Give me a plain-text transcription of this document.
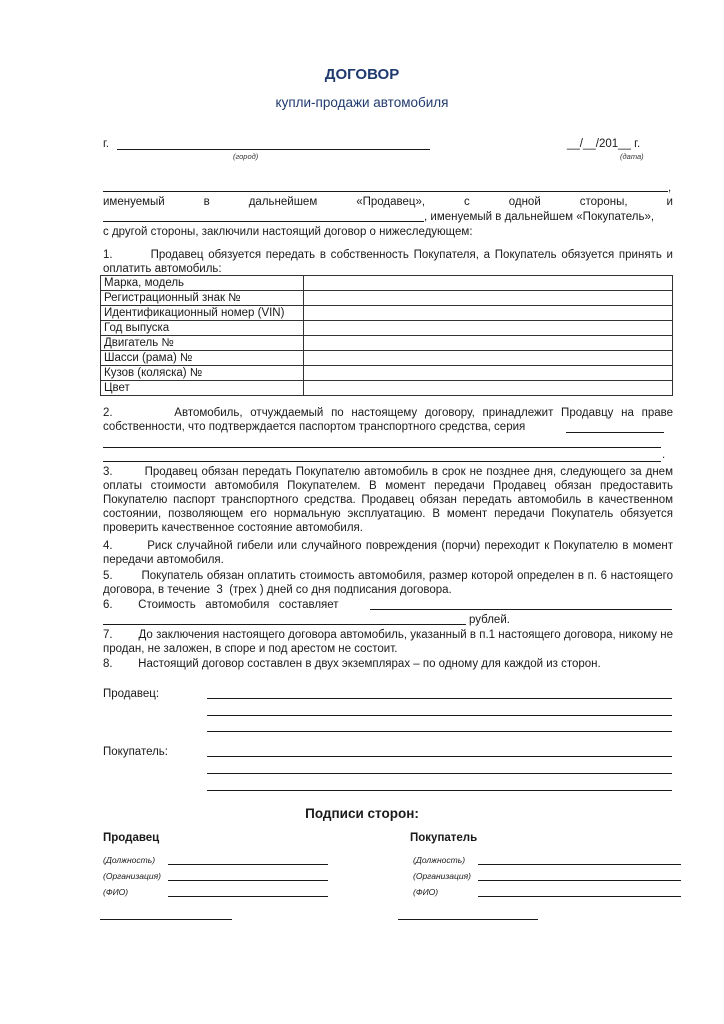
ДОГОВОР
купли-продажи автомобиля
г.
(город)
__/__/201__ г.
(дата)
,
именуемый	в	дальнейшем	«Продавец»,	с	одной	стороны,	и
, именуемый в дальнейшем «Покупатель»,
с другой стороны, заключили настоящий договор о нижеследующем:
1.        Продавец обязуется передать в собственность Покупателя, а Покупатель обязуется принять и оплатить автомобиль:
Марка, модель	
Регистрационный знак №	
Идентификационный номер (VIN)	
Год выпуска	
Двигатель №	
Шасси (рама) №	
Кузов (коляска) №	
Цвет	
2.        Автомобиль, отчуждаемый по настоящему договору, принадлежит Продавцу на праве собственности, что подтверждается паспортом транспортного средства, серия
.
3.        Продавец обязан передать Покупателю автомобиль в срок не позднее дня, следующего за днем оплаты стоимости автомобиля Покупателем. В момент передачи Продавец обязан предоставить Покупателю паспорт транспортного средства. Продавец обязан передать автомобиль в качественном состоянии, позволяющем его нормальную эксплуатацию. В момент передачи Покупатель обязуется проверить качественное состояние автомобиля.
4.        Риск случайной гибели или случайного повреждения (порчи) переходит к Покупателю в момент передачи автомобиля.
5.        Покупатель обязан оплатить стоимость автомобиля, размер которой определен в п. 6 настоящего договора, в течение  3  (трех ) дней со дня подписания договора.
6.        Стоимость   автомобиля   составляет
рублей.
7.        До заключения настоящего договора автомобиль, указанный в п.1 настоящего договора, никому не продан, не заложен, в споре и под арестом не состоит.
8.        Настоящий договор составлен в двух экземплярах – по одному для каждой из сторон.
Продавец:
Покупатель:
Подписи сторон:
Продавец	Покупатель
(Должность)
(Организация)
(ФИО)
(Должность)
(Организация)
(ФИО)
